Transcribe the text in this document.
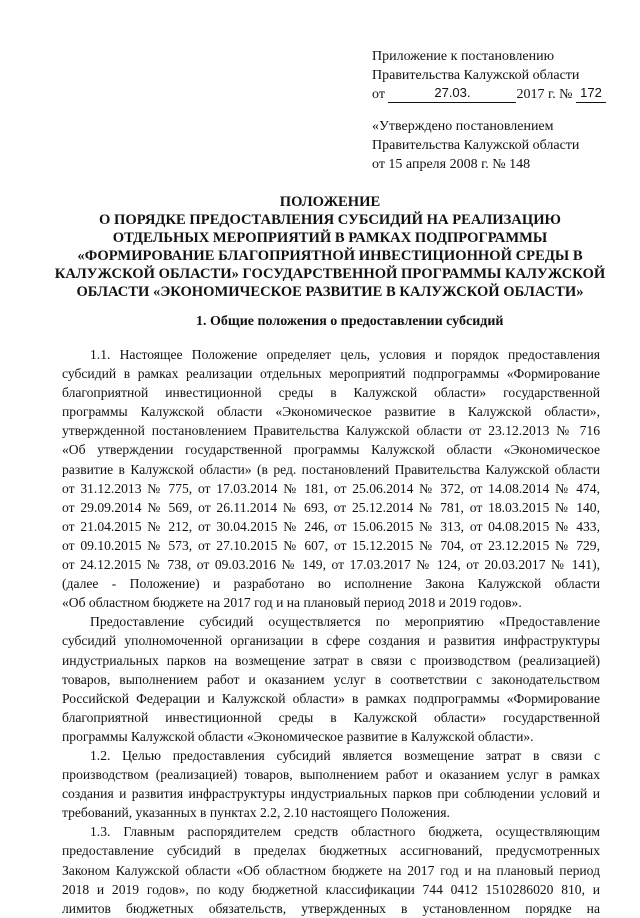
Приложение к постановлению
Правительства Калужской области
от	27.03.	2017 г. № 172
«Утверждено постановлением
Правительства Калужской области
от 15 апреля 2008 г. № 148
ПОЛОЖЕНИЕ
О ПОРЯДКЕ ПРЕДОСТАВЛЕНИЯ СУБСИДИЙ НА РЕАЛИЗАЦИЮ
ОТДЕЛЬНЫХ МЕРОПРИЯТИЙ В РАМКАХ ПОДПРОГРАММЫ
«ФОРМИРОВАНИЕ БЛАГОПРИЯТНОЙ ИНВЕСТИЦИОННОЙ СРЕДЫ В
КАЛУЖСКОЙ ОБЛАСТИ» ГОСУДАРСТВЕННОЙ ПРОГРАММЫ КАЛУЖСКОЙ
ОБЛАСТИ «ЭКОНОМИЧЕСКОЕ РАЗВИТИЕ В КАЛУЖСКОЙ ОБЛАСТИ»
1. Общие положения о предоставлении субсидий
1.1. Настоящее Положение определяет цель, условия и порядок предоставления
субсидий в рамках реализации отдельных мероприятий подпрограммы «Формирование
благоприятной инвестиционной среды в Калужской области» государственной
программы Калужской области «Экономическое развитие в Калужской области»,
утвержденной постановлением Правительства Калужской области от 23.12.2013 № 716
«Об утверждении государственной программы Калужской области «Экономическое
развитие в Калужской области» (в ред. постановлений Правительства Калужской области
от 31.12.2013 № 775, от 17.03.2014 № 181, от 25.06.2014 № 372, от 14.08.2014 № 474,
от 29.09.2014 № 569, от 26.11.2014 № 693, от 25.12.2014 № 781, от 18.03.2015 № 140,
от 21.04.2015 № 212, от 30.04.2015 № 246, от 15.06.2015 № 313, от 04.08.2015 № 433,
от 09.10.2015 № 573, от 27.10.2015 № 607, от 15.12.2015 № 704, от 23.12.2015 № 729,
от 24.12.2015 № 738, от 09.03.2016 № 149, от 17.03.2017 № 124, от 20.03.2017 № 141),
(далее - Положение) и разработано во исполнение Закона Калужской области
«Об областном бюджете на 2017 год и на плановый период 2018 и 2019 годов».
Предоставление субсидий осуществляется по мероприятию «Предоставление
субсидий уполномоченной организации в сфере создания и развития инфраструктуры
индустриальных парков на возмещение затрат в связи с производством (реализацией)
товаров, выполнением работ и оказанием услуг в соответствии с законодательством
Российской Федерации и Калужской области» в рамках подпрограммы «Формирование
благоприятной инвестиционной среды в Калужской области» государственной
программы Калужской области «Экономическое развитие в Калужской области».
1.2. Целью предоставления субсидий является возмещение затрат в связи с
производством (реализацией) товаров, выполнением работ и оказанием услуг в рамках
создания и развития инфраструктуры индустриальных парков при соблюдении условий и
требований, указанных в пунктах 2.2, 2.10 настоящего Положения.
1.3. Главным распорядителем средств областного бюджета, осуществляющим
предоставление субсидий в пределах бюджетных ассигнований, предусмотренных
Законом Калужской области «Об областном бюджете на 2017 год и на плановый период
2018 и 2019 годов», по коду бюджетной классификации 744 0412 1510286020 810, и
лимитов бюджетных обязательств, утвержденных в установленном порядке на
